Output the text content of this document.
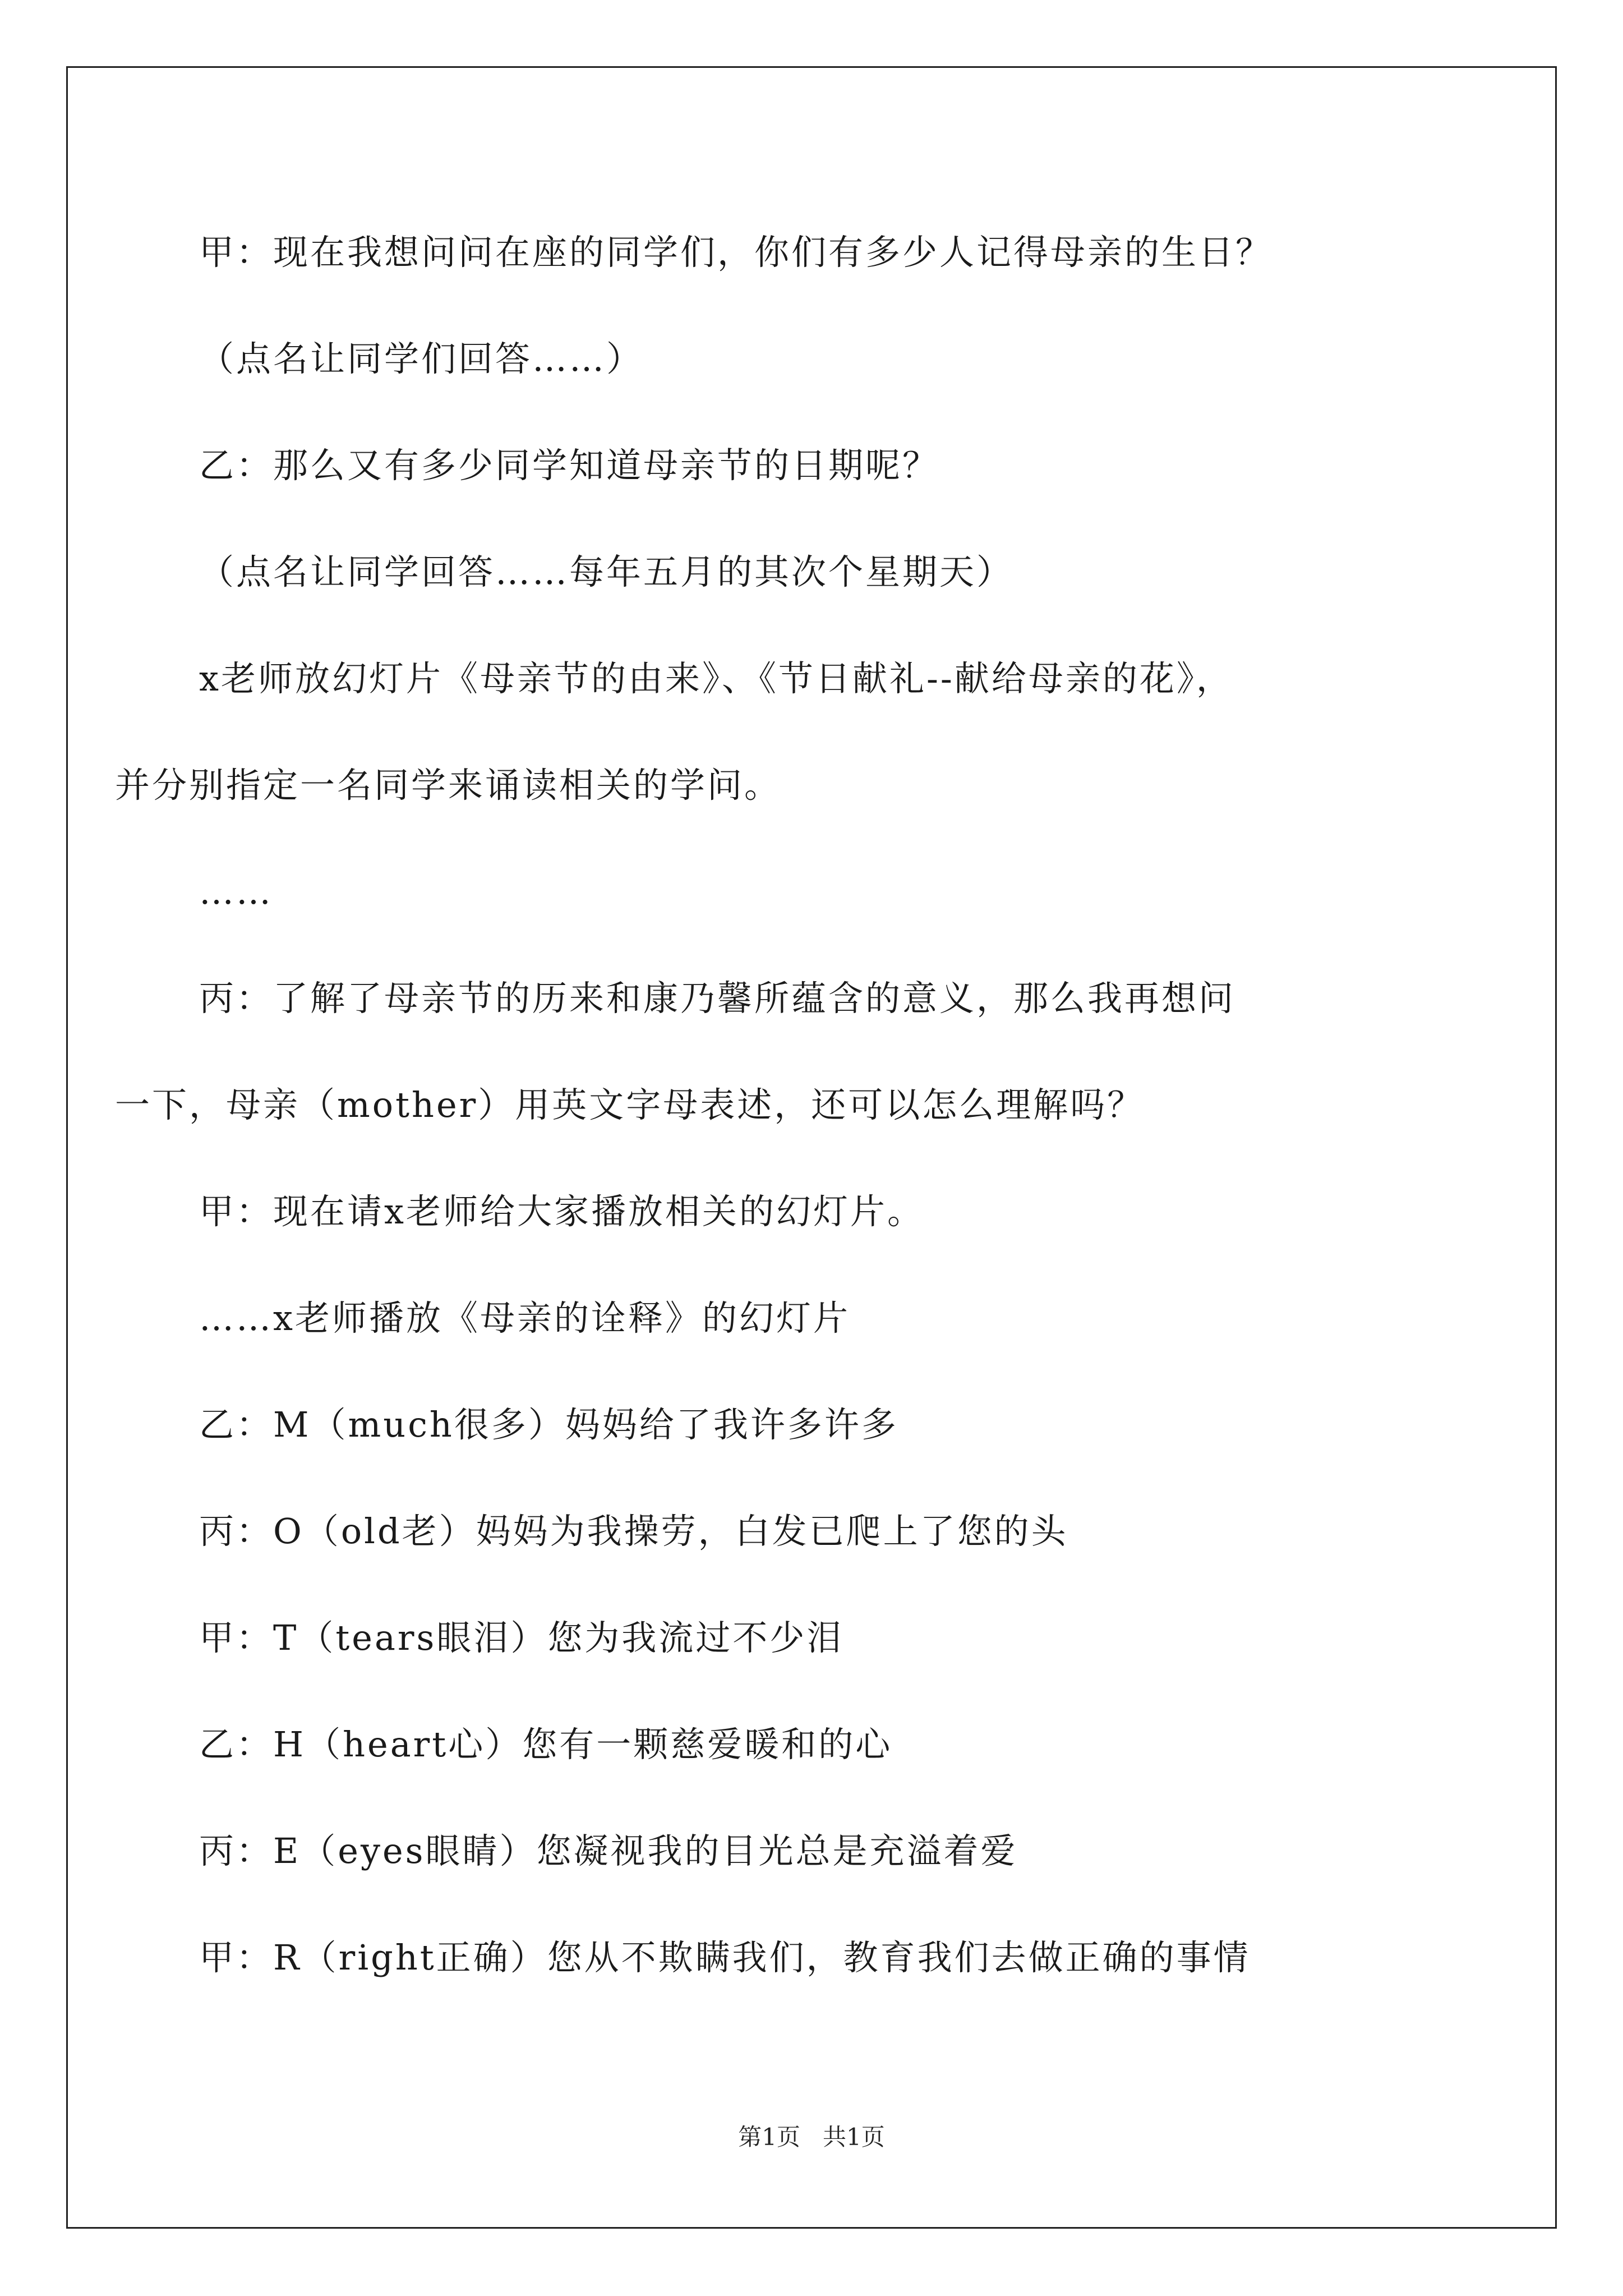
甲：现在我想问问在座的同学们，你们有多少人记得母亲的生日？
（点名让同学们回答……）
乙：那么又有多少同学知道母亲节的日期呢？
（点名让同学回答……每年五月的其次个星期天）
x老师放幻灯片《母亲节的由来》、《节日献礼--献给母亲的花》，
并分别指定一名同学来诵读相关的学问。
……
丙：了解了母亲节的历来和康乃馨所蕴含的意义，那么我再想问
一下，母亲（mother）用英文字母表述，还可以怎么理解吗？
甲：现在请x老师给大家播放相关的幻灯片。
……x老师播放《母亲的诠释》的幻灯片
乙：M（much很多）妈妈给了我许多许多
丙：O（old老）妈妈为我操劳，白发已爬上了您的头
甲：T（tears眼泪）您为我流过不少泪
乙：H（heart心）您有一颗慈爱暖和的心
丙：E（eyes眼睛）您凝视我的目光总是充溢着爱
甲：R（right正确）您从不欺瞒我们，教育我们去做正确的事情
第1页   共1页
